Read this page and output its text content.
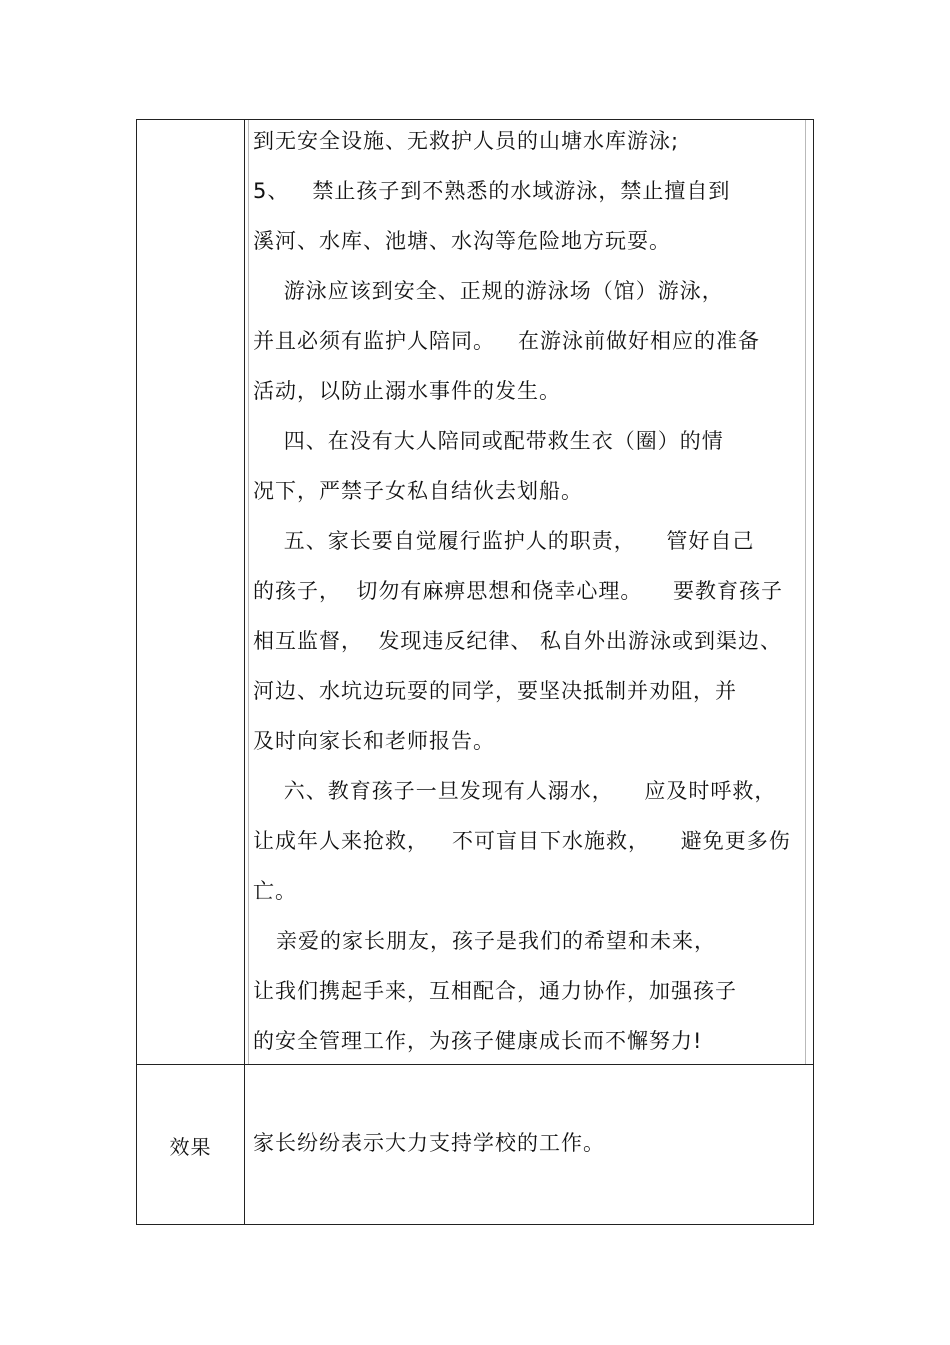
到无安全设施、无救护人员的山塘水库游泳;
5、   禁止孩子到不熟悉的水域游泳，禁止擅自到
溪河、水库、池塘、水沟等危险地方玩耍。
游泳应该到安全、正规的游泳场（馆）游泳，
并且必须有监护人陪同。   在游泳前做好相应的准备
活动，以防止溺水事件的发生。
四、在没有大人陪同或配带救生衣（圈）的情
况下，严禁子女私自结伙去划船。
五、家长要自觉履行监护人的职责，    管好自己
的孩子，  切勿有麻痹思想和侥幸心理。    要教育孩子
相互监督，  发现违反纪律、 私自外出游泳或到渠边、
河边、水坑边玩耍的同学，要坚决抵制并劝阻，并
及时向家长和老师报告。
六、教育孩子一旦发现有人溺水，    应及时呼救，
让成年人来抢救，   不可盲目下水施救，    避免更多伤
亡。
亲爱的家长朋友，孩子是我们的希望和未来，
让我们携起手来，互相配合，通力协作，加强孩子
的安全管理工作，为孩子健康成长而不懈努力!
效果	家长纷纷表示大力支持学校的工作。
